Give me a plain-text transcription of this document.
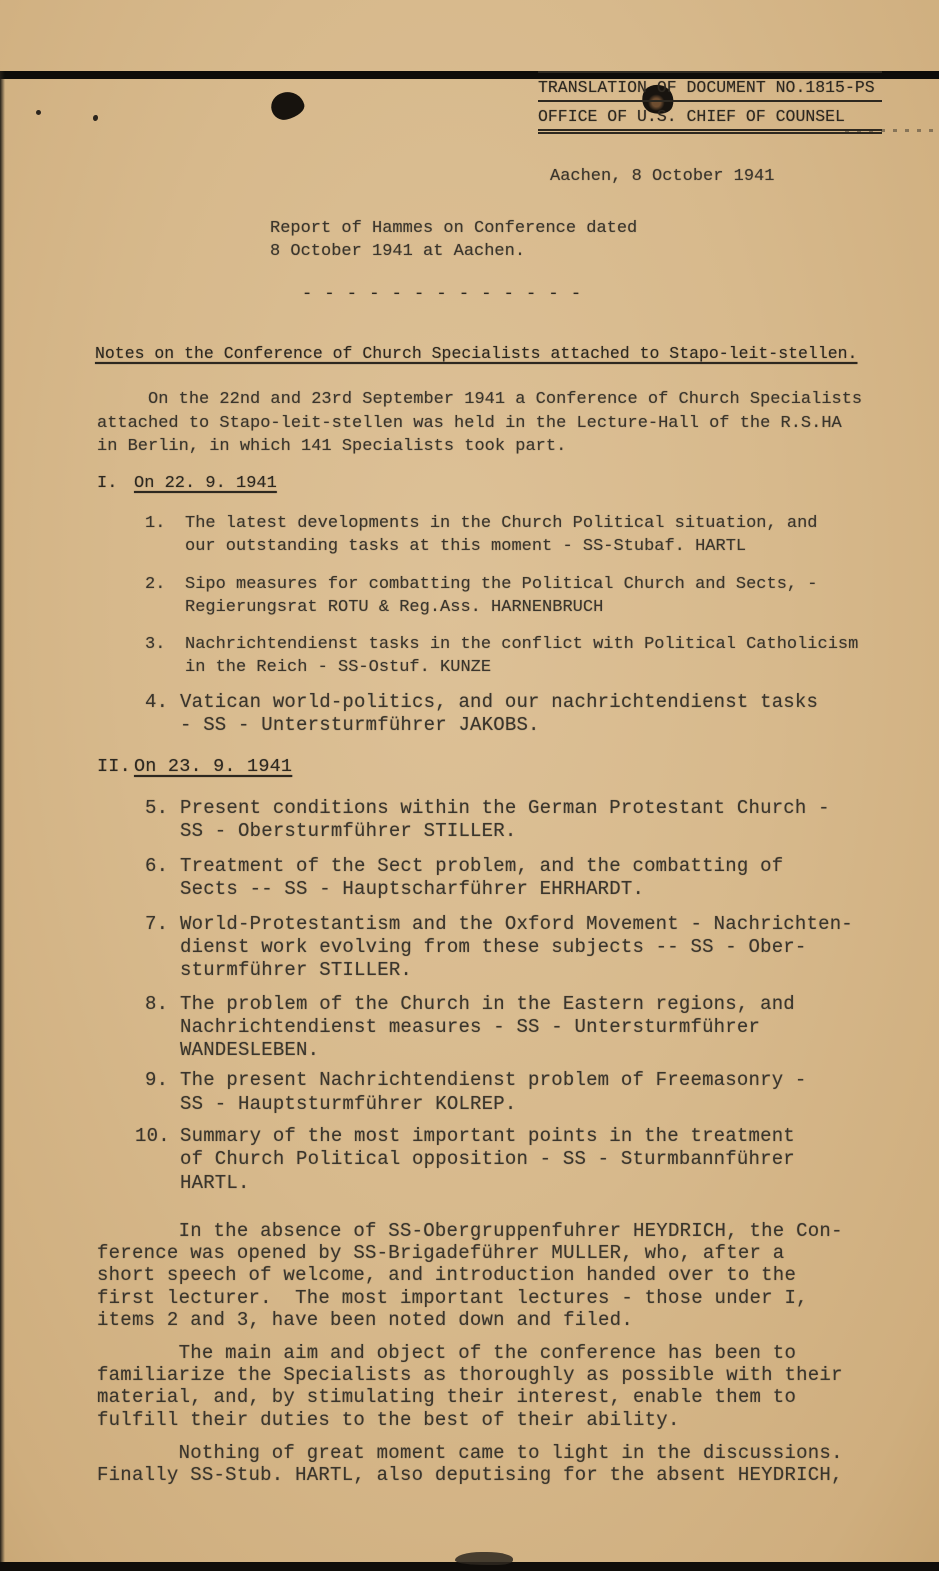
TRANSLATION OF DOCUMENT NO.1815-PS
OFFICE OF U.S. CHIEF OF COUNSEL
Aachen, 8 October 1941
Report of Hammes on Conference dated
8 October 1941 at Aachen.
- - - - - - - - - - - - -
Notes on the Conference of Church Specialists attached to Stapo-leit-stellen.
On the 22nd and 23rd September 1941 a Conference of Church Specialists
attached to Stapo-leit-stellen was held in the Lecture-Hall of the R.S.HA
in Berlin, in which 141 Specialists took part.
I. On 22. 9. 1941
1.	The latest developments in the Church Political situation, and
our outstanding tasks at this moment - SS-Stubaf. HARTL
2.	Sipo measures for combatting the Political Church and Sects, -
Regierungsrat ROTU & Reg.Ass. HARNENBRUCH
3.	Nachrichtendienst tasks in the conflict with Political Catholicism
in the Reich - SS-Ostuf. KUNZE
4. Vatican world-politics, and our nachrichtendienst tasks
- SS - Untersturmführer JAKOBS.
II. On 23. 9. 1941
5. Present conditions within the German Protestant Church -
SS - Obersturmführer STILLER.
6. Treatment of the Sect problem, and the combatting of
Sects -- SS - Hauptscharführer EHRHARDT.
7. World-Protestantism and the Oxford Movement - Nachrichten-
dienst work evolving from these subjects -- SS - Ober-
sturmführer STILLER.
8. The problem of the Church in the Eastern regions, and
Nachrichtendienst measures - SS - Untersturmführer
WANDESLEBEN.
9. The present Nachrichtendienst problem of Freemasonry -
SS - Hauptsturmführer KOLREP.
10. Summary of the most important points in the treatment
of Church Political opposition - SS - Sturmbannführer
HARTL.
In the absence of SS-Obergruppenfuhrer HEYDRICH, the Con-
ference was opened by SS-Brigadeführer MULLER, who, after a
short speech of welcome, and introduction handed over to the
first lecturer.  The most important lectures - those under I,
items 2 and 3, have been noted down and filed.
The main aim and object of the conference has been to
familiarize the Specialists as thoroughly as possible with their
material, and, by stimulating their interest, enable them to
fulfill their duties to the best of their ability.
Nothing of great moment came to light in the discussions.
Finally SS-Stub. HARTL, also deputising for the absent HEYDRICH,
